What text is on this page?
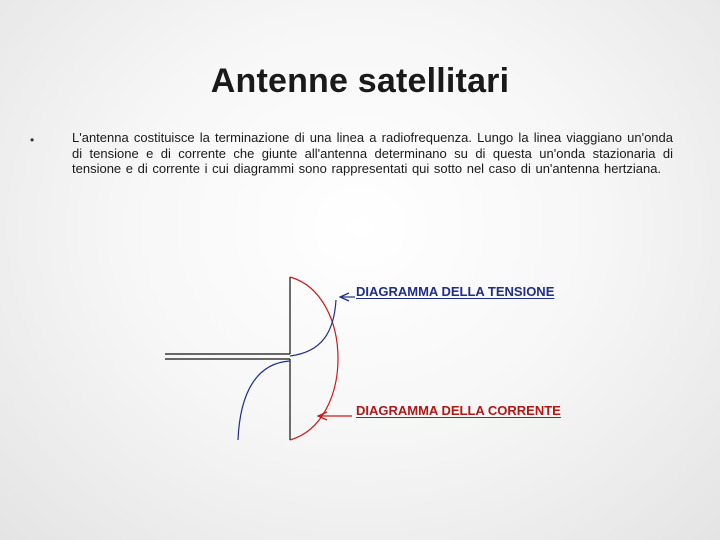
Antenne satellitari
•	L'antenna costituisce la terminazione di una linea a radiofrequenza. Lungo la linea viaggiano un'onda di tensione e di corrente che giunte all'antenna determinano su di questa un'onda stazionaria di tensione e di corrente i cui diagrammi sono rappresentati qui sotto nel caso di un'antenna hertziana.
DIAGRAMMA DELLA TENSIONE
DIAGRAMMA DELLA CORRENTE
